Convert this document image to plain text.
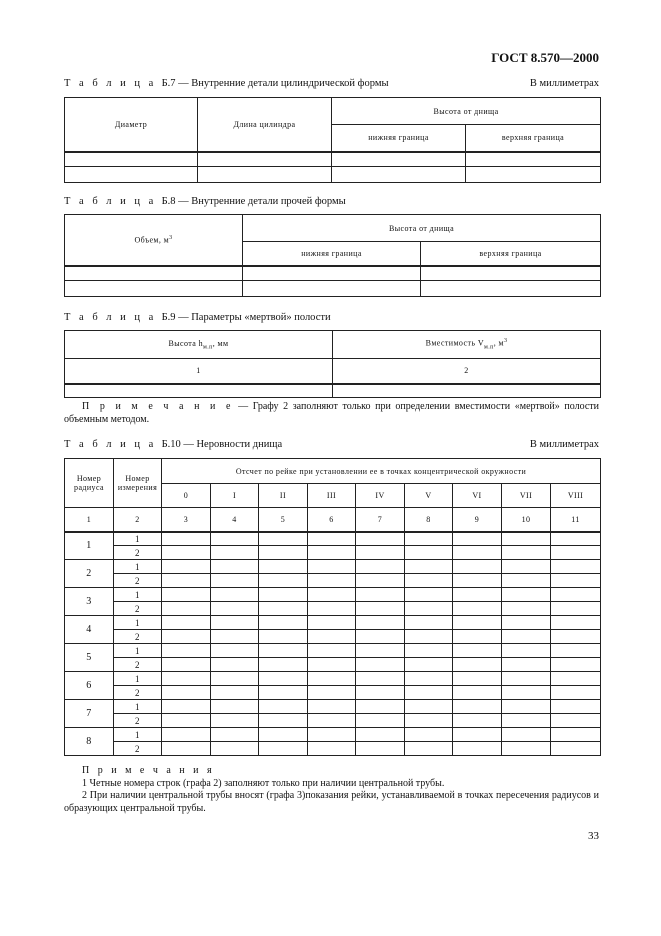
ГОСТ 8.570—2000
Т а б л и ц а Б.7 — Внутренние детали цилиндрической формы	В миллиметрах
Диаметр	Длина цилиндра	Высота от днища	
		нижняя граница	верхняя граница

Т а б л и ц а Б.8 — Внутренние детали прочей формы
Объем, $м^3$	Высота от днища	
	нижняя граница	верхняя граница

Т а б л и ц а Б.9 — Параметры «мертвой» полости
Высота $h_{м.п}$, мм	Вместимость $V_{м.п}$, $м^3$
1	2

П р и м е ч а н и е — Графу 2 заполняют только при определении вместимости «мертвой» полости объемным методом.

Т а б л и ц а Б.10 — Неровности днища	В миллиметрах
Номер радиуса	Номер измерения	Отсчет по рейке при установлении ее в точках концентрической окружности								
		0	I	II	III	IV	V	VI	VII	VIII
1	2	3	4	5	6	7	8	9	10	11
1	1									
	2									
2	1									
	2									
3	1									
	2									
4	1									
	2									
5	1									
	2									
6	1									
	2									
7	1									
	2									
8	1									
	2									

П р и м е ч а н и я

1 Четные номера строк (графа 2) заполняют только при наличии центральной трубы.

2 При наличии центральной трубы вносят (графа 3)показания рейки, устанавливаемой в точках пересечения радиусов и образующих центральной трубы.

33
